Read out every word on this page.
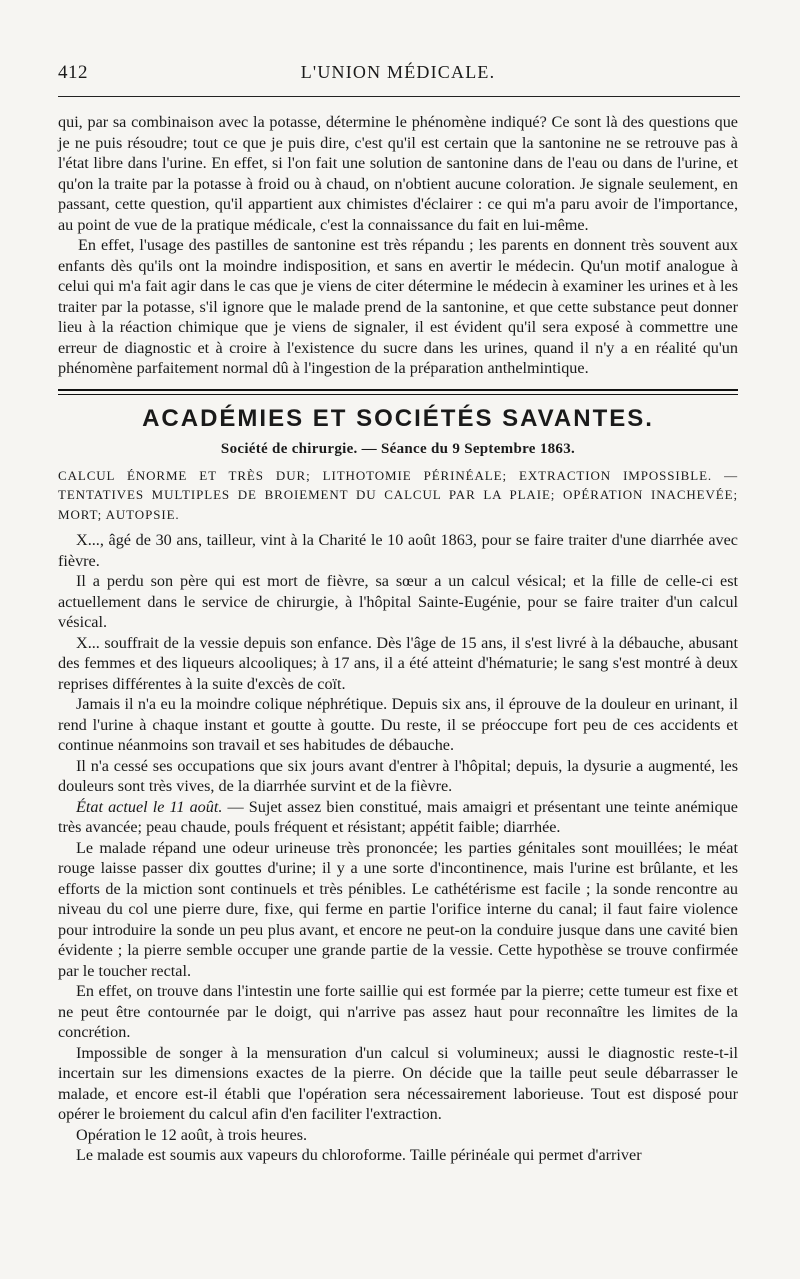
412	L'UNION MÉDICALE.

qui, par sa combinaison avec la potasse, détermine le phénomène indiqué? Ce sont là des questions que je ne puis résoudre; tout ce que je puis dire, c'est qu'il est certain que la santonine ne se retrouve pas à l'état libre dans l'urine. En effet, si l'on fait une solution de santonine dans de l'eau ou dans de l'urine, et qu'on la traite par la potasse à froid ou à chaud, on n'obtient aucune coloration. Je signale seulement, en passant, cette question, qu'il appartient aux chimistes d'éclairer : ce qui m'a paru avoir de l'importance, au point de vue de la pratique médicale, c'est la connaissance du fait en lui-même.

En effet, l'usage des pastilles de santonine est très répandu ; les parents en donnent très souvent aux enfants dès qu'ils ont la moindre indisposition, et sans en avertir le médecin. Qu'un motif analogue à celui qui m'a fait agir dans le cas que je viens de citer détermine le médecin à examiner les urines et à les traiter par la potasse, s'il ignore que le malade prend de la santonine, et que cette substance peut donner lieu à la réaction chimique que je viens de signaler, il est évident qu'il sera exposé à commettre une erreur de diagnostic et à croire à l'existence du sucre dans les urines, quand il n'y a en réalité qu'un phénomène parfaitement normal dû à l'ingestion de la préparation anthelmintique.

ACADÉMIES ET SOCIÉTÉS SAVANTES.
Société de chirurgie. — Séance du 9 Septembre 1863.
CALCUL ÉNORME ET TRÈS DUR; LITHOTOMIE PÉRINÉALE; EXTRACTION IMPOSSIBLE. — TENTATIVES MULTIPLES DE BROIEMENT DU CALCUL PAR LA PLAIE; OPÉRATION INACHEVÉE; MORT; AUTOPSIE.

X..., âgé de 30 ans, tailleur, vint à la Charité le 10 août 1863, pour se faire traiter d'une diarrhée avec fièvre.

Il a perdu son père qui est mort de fièvre, sa sœur a un calcul vésical; et la fille de celle-ci est actuellement dans le service de chirurgie, à l'hôpital Sainte-Eugénie, pour se faire traiter d'un calcul vésical.

X... souffrait de la vessie depuis son enfance. Dès l'âge de 15 ans, il s'est livré à la débauche, abusant des femmes et des liqueurs alcooliques; à 17 ans, il a été atteint d'hématurie; le sang s'est montré à deux reprises différentes à la suite d'excès de coït.

Jamais il n'a eu la moindre colique néphrétique. Depuis six ans, il éprouve de la douleur en urinant, il rend l'urine à chaque instant et goutte à goutte. Du reste, il se préoccupe fort peu de ces accidents et continue néanmoins son travail et ses habitudes de débauche.

Il n'a cessé ses occupations que six jours avant d'entrer à l'hôpital; depuis, la dysurie a augmenté, les douleurs sont très vives, de la diarrhée survint et de la fièvre.

État actuel le 11 août. — Sujet assez bien constitué, mais amaigri et présentant une teinte anémique très avancée; peau chaude, pouls fréquent et résistant; appétit faible; diarrhée.

Le malade répand une odeur urineuse très prononcée; les parties génitales sont mouillées; le méat rouge laisse passer dix gouttes d'urine; il y a une sorte d'incontinence, mais l'urine est brûlante, et les efforts de la miction sont continuels et très pénibles. Le cathétérisme est facile ; la sonde rencontre au niveau du col une pierre dure, fixe, qui ferme en partie l'orifice interne du canal; il faut faire violence pour introduire la sonde un peu plus avant, et encore ne peut-on la conduire jusque dans une cavité bien évidente ; la pierre semble occuper une grande partie de la vessie. Cette hypothèse se trouve confirmée par le toucher rectal.

En effet, on trouve dans l'intestin une forte saillie qui est formée par la pierre; cette tumeur est fixe et ne peut être contournée par le doigt, qui n'arrive pas assez haut pour reconnaître les limites de la concrétion.

Impossible de songer à la mensuration d'un calcul si volumineux; aussi le diagnostic reste-t-il incertain sur les dimensions exactes de la pierre. On décide que la taille peut seule débarrasser le malade, et encore est-il établi que l'opération sera nécessairement laborieuse. Tout est disposé pour opérer le broiement du calcul afin d'en faciliter l'extraction.

Opération le 12 août, à trois heures.

Le malade est soumis aux vapeurs du chloroforme. Taille périnéale qui permet d'arriver
